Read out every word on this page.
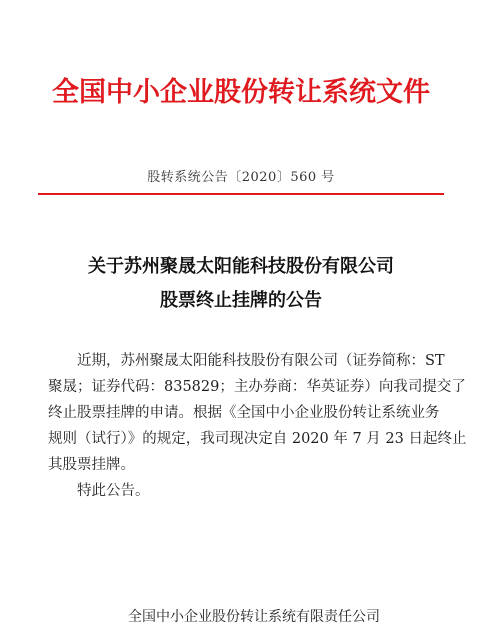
全国中小企业股份转让系统文件
股转系统公告〔2020〕560 号
关于苏州聚晟太阳能科技股份有限公司
股票终止挂牌的公告
近期，苏州聚晟太阳能科技股份有限公司（证券简称：ST
聚晟；证券代码：835829；主办券商：华英证券）向我司提交了
终止股票挂牌的申请。根据《全国中小企业股份转让系统业务
规则（试行）》的规定，我司现决定自 2020 年 7 月 23 日起终止
其股票挂牌。
特此公告。
全国中小企业股份转让系统有限责任公司
